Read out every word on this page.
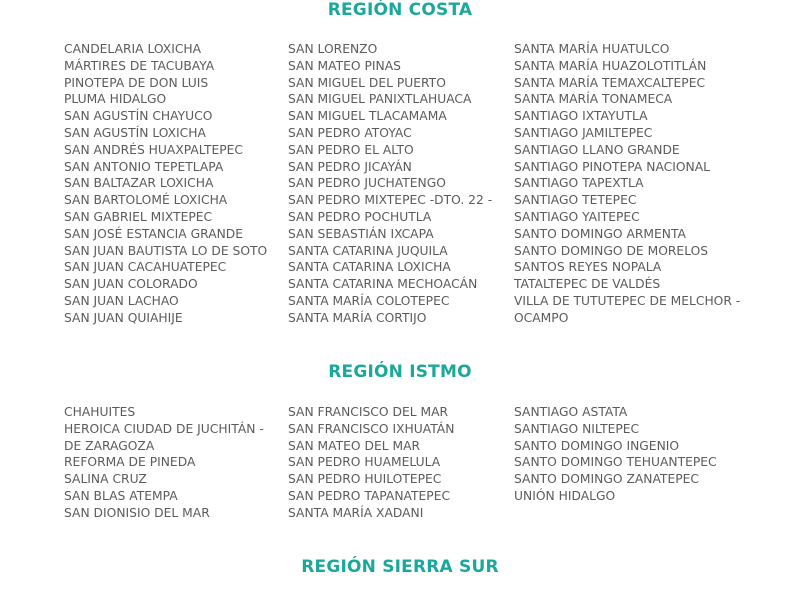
REGIÓN COSTA
CANDELARIA LOXICHA
MÁRTIRES DE TACUBAYA
PINOTEPA DE DON LUIS
PLUMA HIDALGO
SAN AGUSTÍN CHAYUCO
SAN AGUSTÍN LOXICHA
SAN ANDRÉS HUAXPALTEPEC
SAN ANTONIO TEPETLAPA
SAN BALTAZAR LOXICHA
SAN BARTOLOMÉ LOXICHA
SAN GABRIEL MIXTEPEC
SAN JOSÉ ESTANCIA GRANDE
SAN JUAN BAUTISTA LO DE SOTO
SAN JUAN CACAHUATEPEC
SAN JUAN COLORADO
SAN JUAN LACHAO
SAN JUAN QUIAHIJE
SAN LORENZO
SAN MATEO PINAS
SAN MIGUEL DEL PUERTO
SAN MIGUEL PANIXTLAHUACA
SAN MIGUEL TLACAMAMA
SAN PEDRO ATOYAC
SAN PEDRO EL ALTO
SAN PEDRO JICAYÁN
SAN PEDRO JUCHATENGO
SAN PEDRO MIXTEPEC -DTO. 22 -
SAN PEDRO POCHUTLA
SAN SEBASTIÁN IXCAPA
SANTA CATARINA JUQUILA
SANTA CATARINA LOXICHA
SANTA CATARINA MECHOACÁN
SANTA MARÍA COLOTEPEC
SANTA MARÍA CORTIJO
SANTA MARÍA HUATULCO
SANTA MARÍA HUAZOLOTITLÁN
SANTA MARÍA TEMAXCALTEPEC
SANTA MARÍA TONAMECA
SANTIAGO IXTAYUTLA
SANTIAGO JAMILTEPEC
SANTIAGO LLANO GRANDE
SANTIAGO PINOTEPA NACIONAL
SANTIAGO TAPEXTLA
SANTIAGO TETEPEC
SANTIAGO YAITEPEC
SANTO DOMINGO ARMENTA
SANTO DOMINGO DE MORELOS
SANTOS REYES NOPALA
TATALTEPEC DE VALDÉS
VILLA DE TUTUTEPEC DE MELCHOR -
OCAMPO
REGIÓN ISTMO
CHAHUITES
HEROICA CIUDAD DE JUCHITÁN -
DE ZARAGOZA
REFORMA DE PINEDA
SALINA CRUZ
SAN BLAS ATEMPA
SAN DIONISIO DEL MAR
SAN FRANCISCO DEL MAR
SAN FRANCISCO IXHUATÁN
SAN MATEO DEL MAR
SAN PEDRO HUAMELULA
SAN PEDRO HUILOTEPEC
SAN PEDRO TAPANATEPEC
SANTA MARÍA XADANI
SANTIAGO ASTATA
SANTIAGO NILTEPEC
SANTO DOMINGO INGENIO
SANTO DOMINGO TEHUANTEPEC
SANTO DOMINGO ZANATEPEC
UNIÓN HIDALGO
REGIÓN SIERRA SUR
